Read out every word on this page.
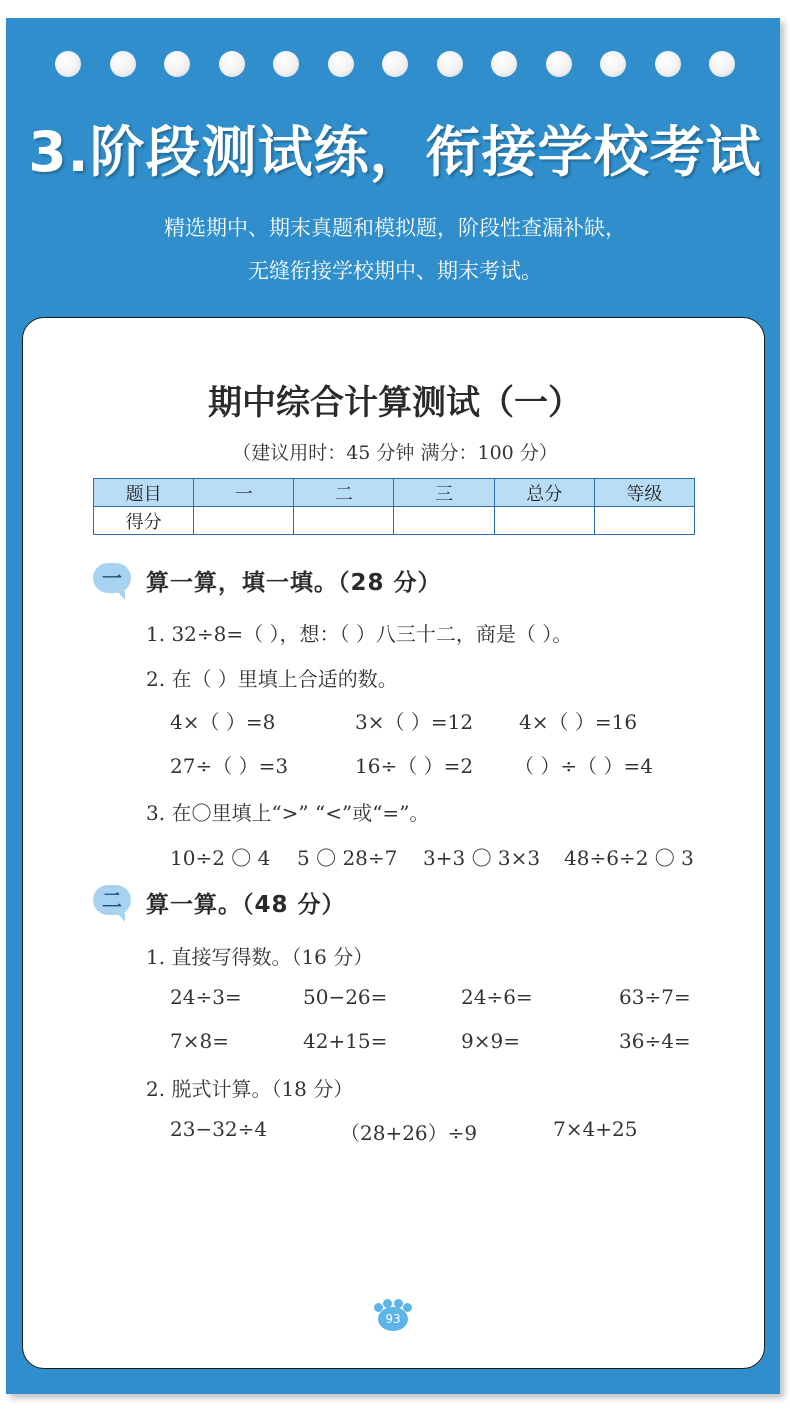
3.阶段测试练，衔接学校考试
精选期中、期末真题和模拟题，阶段性查漏补缺，
无缝衔接学校期中、期末考试。
期中综合计算测试（一）
（建议用时：45 分钟 满分：100 分）
题目	一	二	三	总分	等级
得分					
一	算一算，填一填。（28 分）
1. 32÷8=（ ），想：（ ）八三十二，商是（ ）。
2. 在（ ）里填上合适的数。
4×（ ）=8	3×（ ）=12 4×（ ）=16
27÷（ ）=3	16÷（ ）=2 （ ）÷（ ）=4
3. 在〇里填上“>” “<”或“=”。
10÷2 〇 4 5 〇 28÷7 3+3 〇 3×3 48÷6÷2 〇 3
二	算一算。（48 分）
1. 直接写得数。（16 分）
24÷3=	50−26=	24÷6=	63÷7=
7×8=	42+15=	9×9=	36÷4=
2. 脱式计算。（18 分）
23−32÷4	（28+26）÷9	7×4+25
93
